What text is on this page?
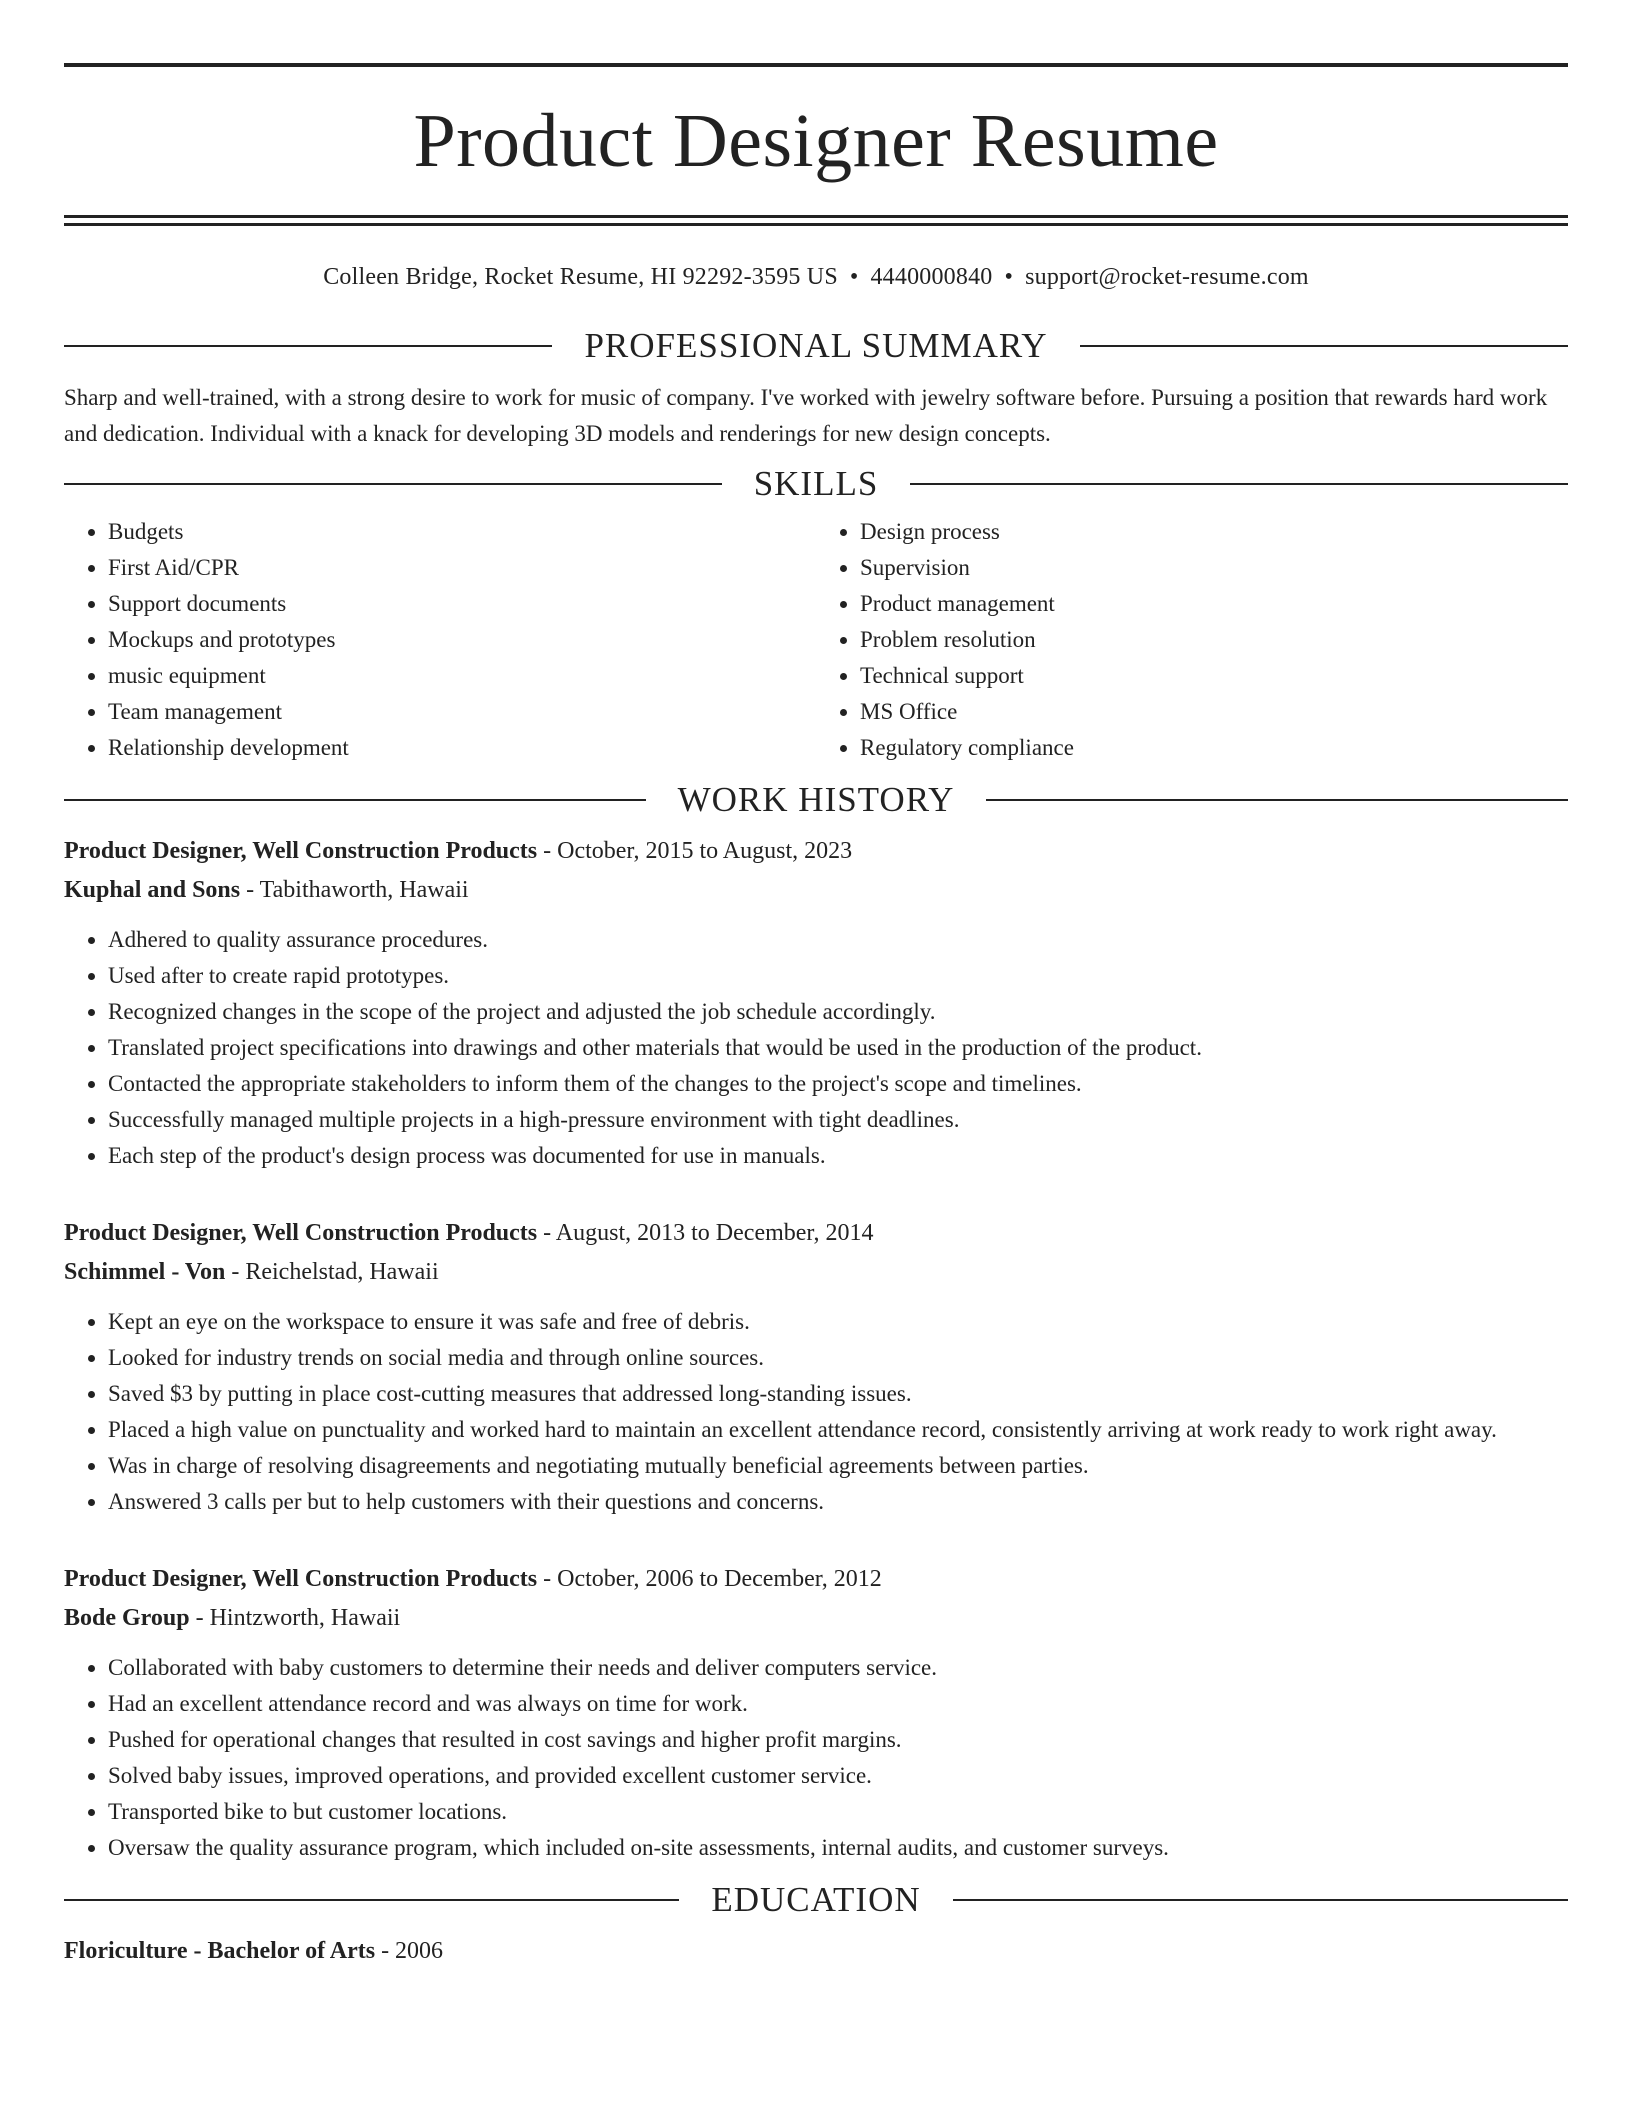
Product Designer Resume
Colleen Bridge, Rocket Resume, HI 92292-3595 US • 4440000840 • support@rocket-resume.com
PROFESSIONAL SUMMARY

Sharp and well-trained, with a strong desire to work for music of company. I've worked with jewelry software before. Pursuing a position that rewards hard work and dedication. Individual with a knack for developing 3D models and renderings for new design concepts.

SKILLS
• Budgets
• First Aid/CPR
• Support documents
• Mockups and prototypes
• music equipment
• Team management
• Relationship development
• Design process
• Supervision
• Product management
• Problem resolution
• Technical support
• MS Office
• Regulatory compliance
WORK HISTORY
Product Designer, Well Construction Products - October, 2015 to August, 2023
Kuphal and Sons - Tabithaworth, Hawaii
• Adhered to quality assurance procedures.
• Used after to create rapid prototypes.
• Recognized changes in the scope of the project and adjusted the job schedule accordingly.
• Translated project specifications into drawings and other materials that would be used in the production of the product.
• Contacted the appropriate stakeholders to inform them of the changes to the project's scope and timelines.
• Successfully managed multiple projects in a high-pressure environment with tight deadlines.
• Each step of the product's design process was documented for use in manuals.
Product Designer, Well Construction Products - August, 2013 to December, 2014
Schimmel - Von - Reichelstad, Hawaii
• Kept an eye on the workspace to ensure it was safe and free of debris.
• Looked for industry trends on social media and through online sources.
• Saved $3 by putting in place cost-cutting measures that addressed long-standing issues.
• Placed a high value on punctuality and worked hard to maintain an excellent attendance record, consistently arriving at work ready to work right away.
• Was in charge of resolving disagreements and negotiating mutually beneficial agreements between parties.
• Answered 3 calls per but to help customers with their questions and concerns.
Product Designer, Well Construction Products - October, 2006 to December, 2012
Bode Group - Hintzworth, Hawaii
• Collaborated with baby customers to determine their needs and deliver computers service.
• Had an excellent attendance record and was always on time for work.
• Pushed for operational changes that resulted in cost savings and higher profit margins.
• Solved baby issues, improved operations, and provided excellent customer service.
• Transported bike to but customer locations.
• Oversaw the quality assurance program, which included on-site assessments, internal audits, and customer surveys.
EDUCATION
Floriculture - Bachelor of Arts - 2006
